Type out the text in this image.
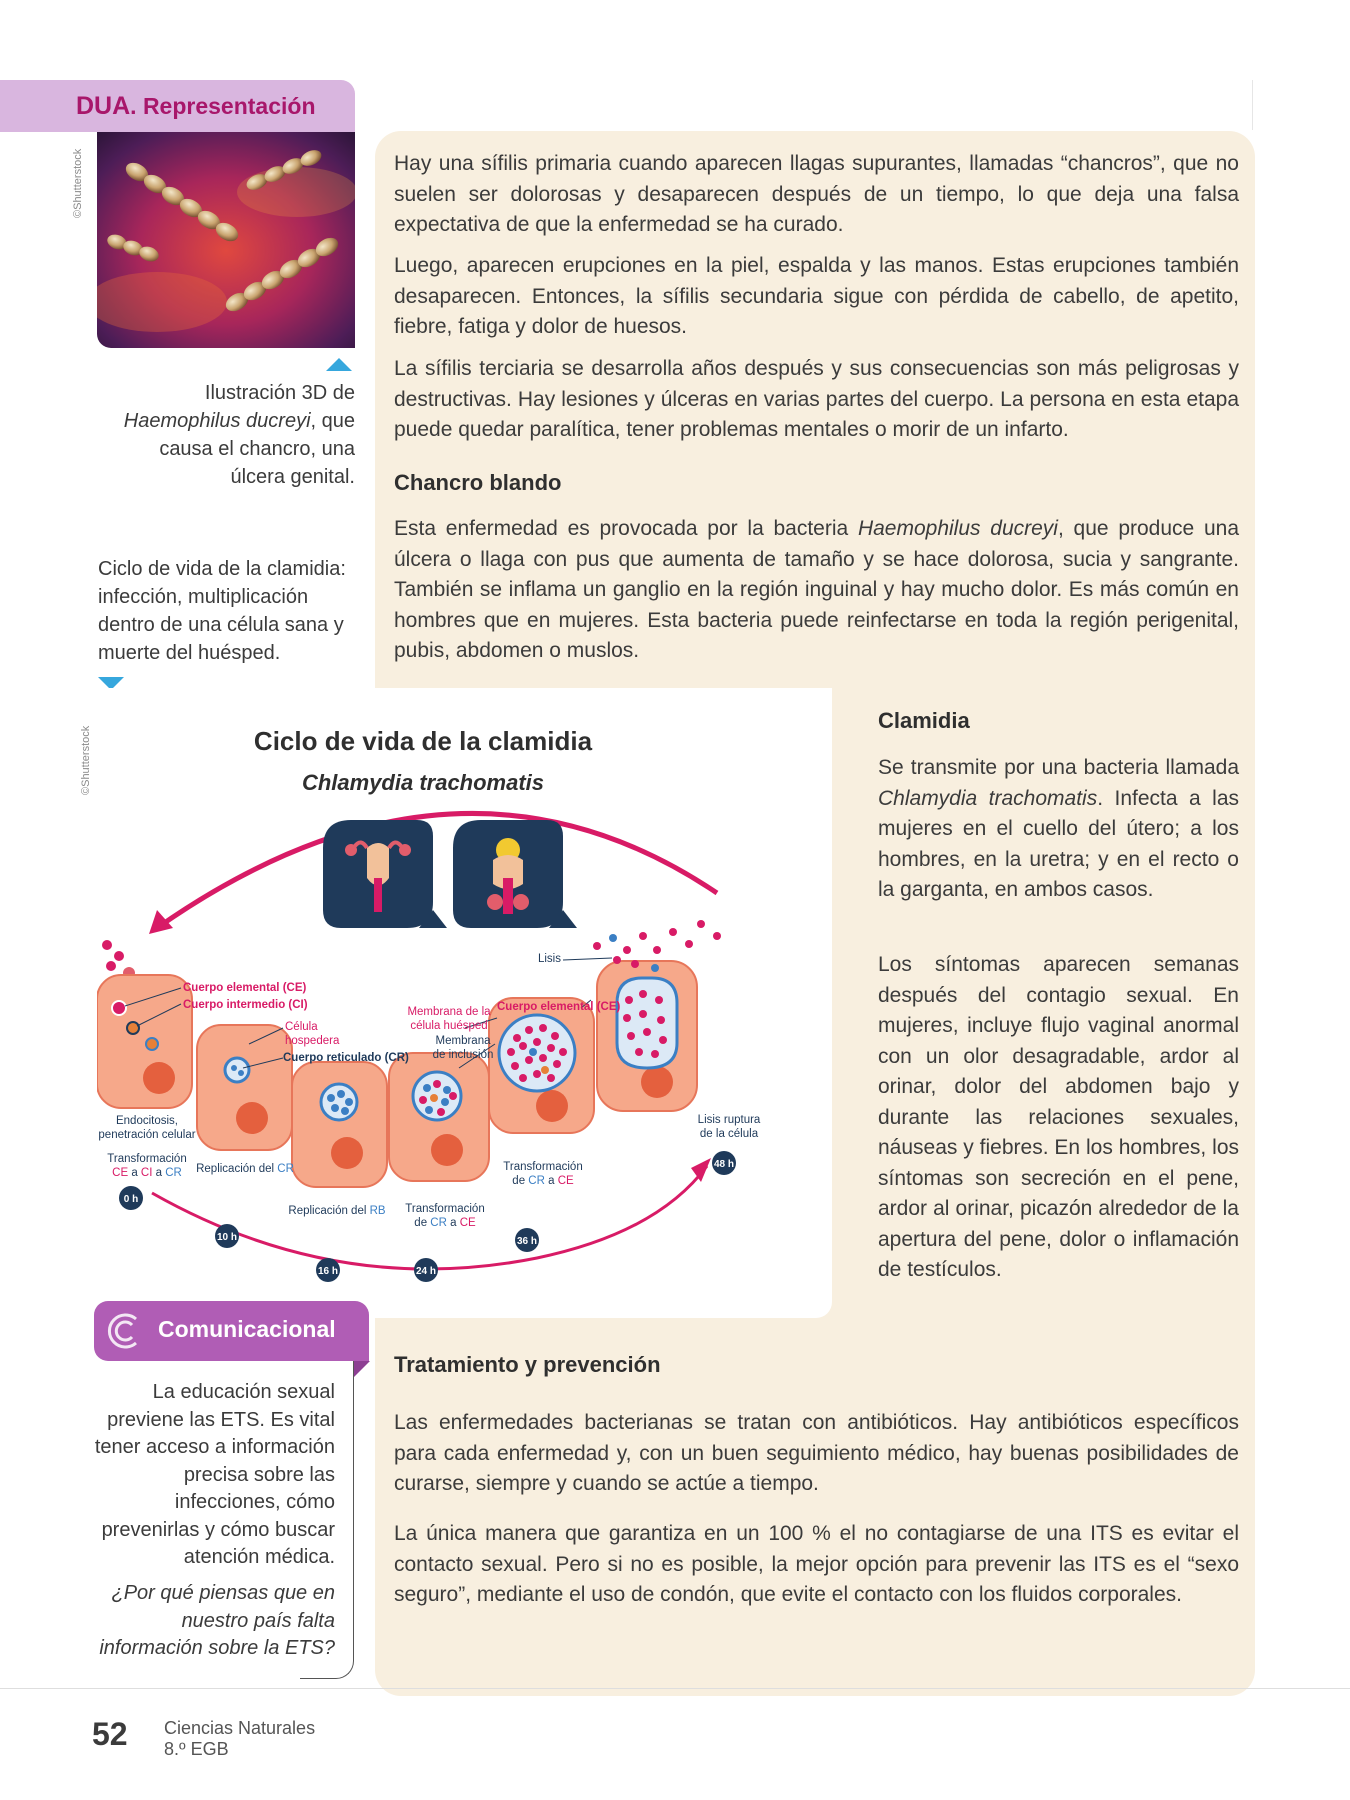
DUA. Representación
©Shutterstock
Ilustración 3D de
Haemophilus ducreyi, que causa el chancro, una úlcera genital.
Ciclo de vida de la clamidia: infección, multiplicación dentro de una célula sana y muerte del huésped.
©Shutterstock
Hay una sífilis primaria cuando aparecen llagas supurantes, llamadas “chancros”, que no suelen ser dolorosas y desaparecen después de un tiempo, lo que deja una falsa expectativa de que la enfermedad se ha curado.
Luego, aparecen erupciones en la piel, espalda y las manos. Estas erupciones también desaparecen. Entonces, la sífilis secundaria sigue con pérdida de cabello, de apetito, fiebre, fatiga y dolor de huesos.
La sífilis terciaria se desarrolla años después y sus consecuencias son más peligrosas y destructivas. Hay lesiones y úlceras en varias partes del cuerpo. La persona en esta etapa puede quedar paralítica, tener problemas mentales o morir de un infarto.
Chancro blando
Esta enfermedad es provocada por la bacteria Haemophilus ducreyi, que produce una úlcera o llaga con pus que aumenta de tamaño y se hace dolorosa, sucia y sangrante. También se inflama un ganglio en la región inguinal y hay mucho dolor. Es más común en hombres que en mujeres. Esta bacteria puede reinfectarse en toda la región perigenital, pubis, abdomen o muslos.
Clamidia
Se transmite por una bacteria llamada Chlamydia trachomatis. Infecta a las mujeres en el cuello del útero; a los hombres, en la uretra; y en el recto o la garganta, en ambos casos.
Los síntomas aparecen semanas después del contagio sexual. En mujeres, incluye flujo vaginal anormal con un olor desagradable, ardor al orinar, dolor del abdomen bajo y durante las relaciones sexuales, náuseas y fiebres. En los hombres, los síntomas son secreción en el pene, ardor al orinar, picazón alrededor de la apertura del pene, dolor o inflamación de testículos.
Tratamiento y prevención
Las enfermedades bacterianas se tratan con antibióticos. Hay antibióticos específicos para cada enfermedad y, con un buen seguimiento médico, hay buenas posibilidades de curarse, siempre y cuando se actúe a tiempo.
La única manera que garantiza en un 100 % el no contagiarse de una ITS es evitar el contacto sexual. Pero si no es posible, la mejor opción para prevenir las ITS es el “sexo seguro”, mediante el uso de condón, que evite el contacto con los fluidos corporales.
Ciclo de vida de la clamidia
Chlamydia trachomatis
Cuerpo elemental (CE)
Cuerpo intermedio (CI)
Célula
hospedera
Cuerpo reticulado (CR)
Membrana de la
célula huésped
Cuerpo elemental (CE)
Membrana
de inclusión
Lisis
Endocitosis,
penetración celular
Lisis ruptura
de la célula
Transformación
CE a CI a CR Replicación del CR
Replicación del RB Transformación
de CR a CE
Transformación
de CR a CE
0 h
10 h
16 h	24 h
36 h
48 h
Comunicacional
La educación sexual previene las ETS. Es vital tener acceso a información precisa sobre las infecciones, cómo prevenirlas y cómo buscar atención médica.
¿Por qué piensas que en nuestro país falta información sobre la ETS?
52 Ciencias Naturales
8.º EGB
